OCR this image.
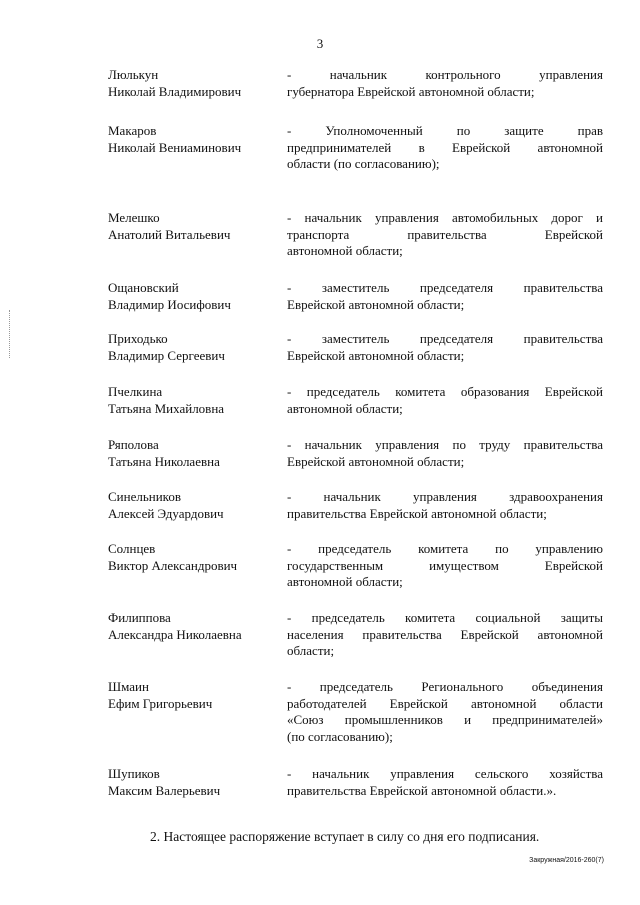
3
Люлькун
Николай Владимирович
- начальник контрольного управления
губернатора Еврейской автономной области;
Макаров
Николай Вениаминович
- Уполномоченный по защите прав
предпринимателей в Еврейской автономной
области (по согласованию);
Мелешко
Анатолий Витальевич
- начальник управления автомобильных дорог и
транспорта правительства Еврейской
автономной области;
Ощановский
Владимир Иосифович
- заместитель председателя правительства
Еврейской автономной области;
Приходько
Владимир Сергеевич
- заместитель председателя правительства
Еврейской автономной области;
Пчелкина
Татьяна Михайловна
- председатель комитета образования Еврейской
автономной области;
Ряполова
Татьяна Николаевна
- начальник управления по труду правительства
Еврейской автономной области;
Синельников
Алексей Эдуардович
- начальник управления здравоохранения
правительства Еврейской автономной области;
Солнцев
Виктор Александрович
- председатель комитета по управлению
государственным имуществом Еврейской
автономной области;
Филиппова
Александра Николаевна
- председатель комитета социальной защиты
населения правительства Еврейской автономной
области;
Шмаин
Ефим Григорьевич
- председатель Регионального объединения
работодателей Еврейской автономной области
«Союз промышленников и предпринимателей»
(по согласованию);
Шупиков
Максим Валерьевич
- начальник управления сельского хозяйства
правительства Еврейской автономной области.».
2. Настоящее распоряжение вступает в силу со дня его подписания.
Закружная/2016-260(7)
